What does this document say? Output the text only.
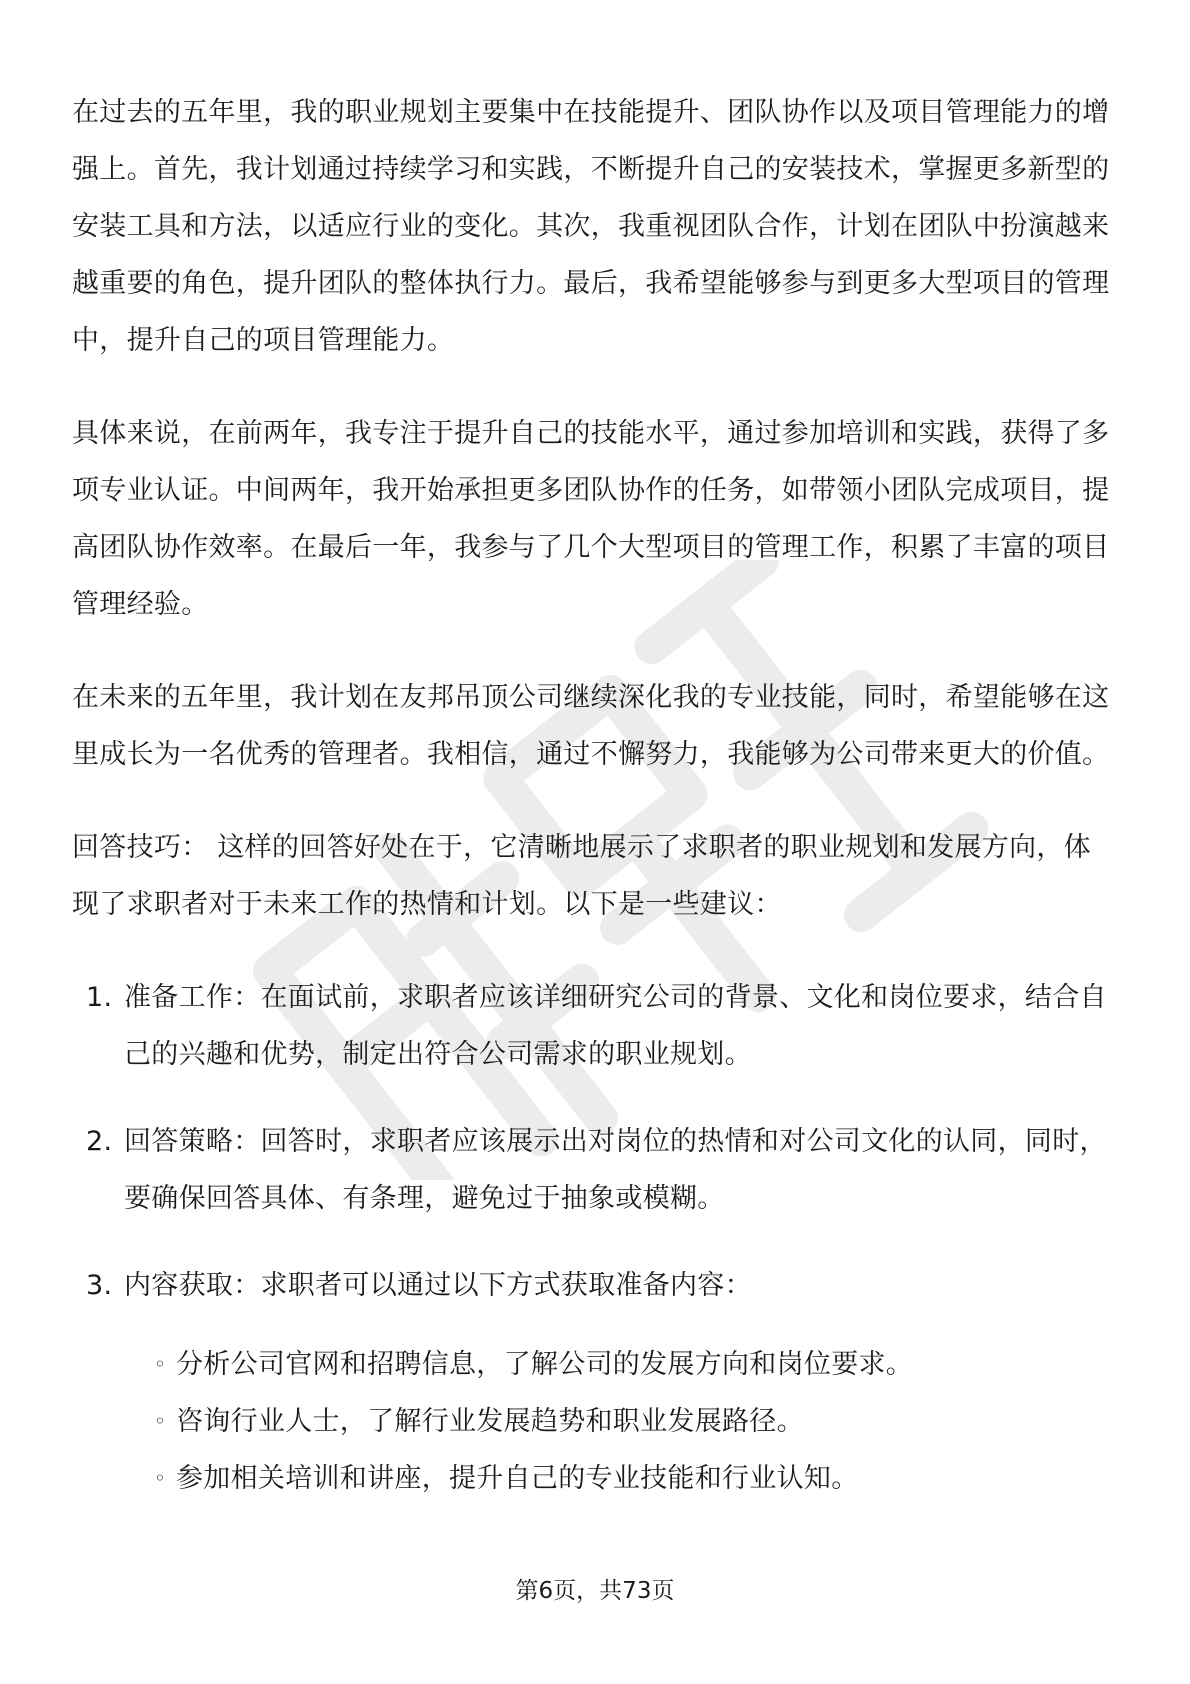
在过去的五年里，我的职业规划主要集中在技能提升、团队协作以及项目管理能力的增强上。首先，我计划通过持续学习和实践，不断提升自己的安装技术，掌握更多新型的安装工具和方法，以适应行业的变化。其次，我重视团队合作，计划在团队中扮演越来越重要的角色，提升团队的整体执行力。最后，我希望能够参与到更多大型项目的管理中，提升自己的项目管理能力。

具体来说，在前两年，我专注于提升自己的技能水平，通过参加培训和实践，获得了多项专业认证。中间两年，我开始承担更多团队协作的任务，如带领小团队完成项目，提高团队协作效率。在最后一年，我参与了几个大型项目的管理工作，积累了丰富的项目管理经验。

在未来的五年里，我计划在友邦吊顶公司继续深化我的专业技能，同时，希望能够在这里成长为一名优秀的管理者。我相信，通过不懈努力，我能够为公司带来更大的价值。

回答技巧： 这样的回答好处在于，它清晰地展示了求职者的职业规划和发展方向，体现了求职者对于未来工作的热情和计划。以下是一些建议：

1. 准备工作：在面试前，求职者应该详细研究公司的背景、文化和岗位要求，结合自己的兴趣和优势，制定出符合公司需求的职业规划。
2. 回答策略：回答时，求职者应该展示出对岗位的热情和对公司文化的认同，同时，要确保回答具体、有条理，避免过于抽象或模糊。
3. 内容获取：求职者可以通过以下方式获取准备内容：
◦ 分析公司官网和招聘信息，了解公司的发展方向和岗位要求。
◦ 咨询行业人士，了解行业发展趋势和职业发展路径。
◦ 参加相关培训和讲座，提升自己的专业技能和行业认知。
第6页，共73页
